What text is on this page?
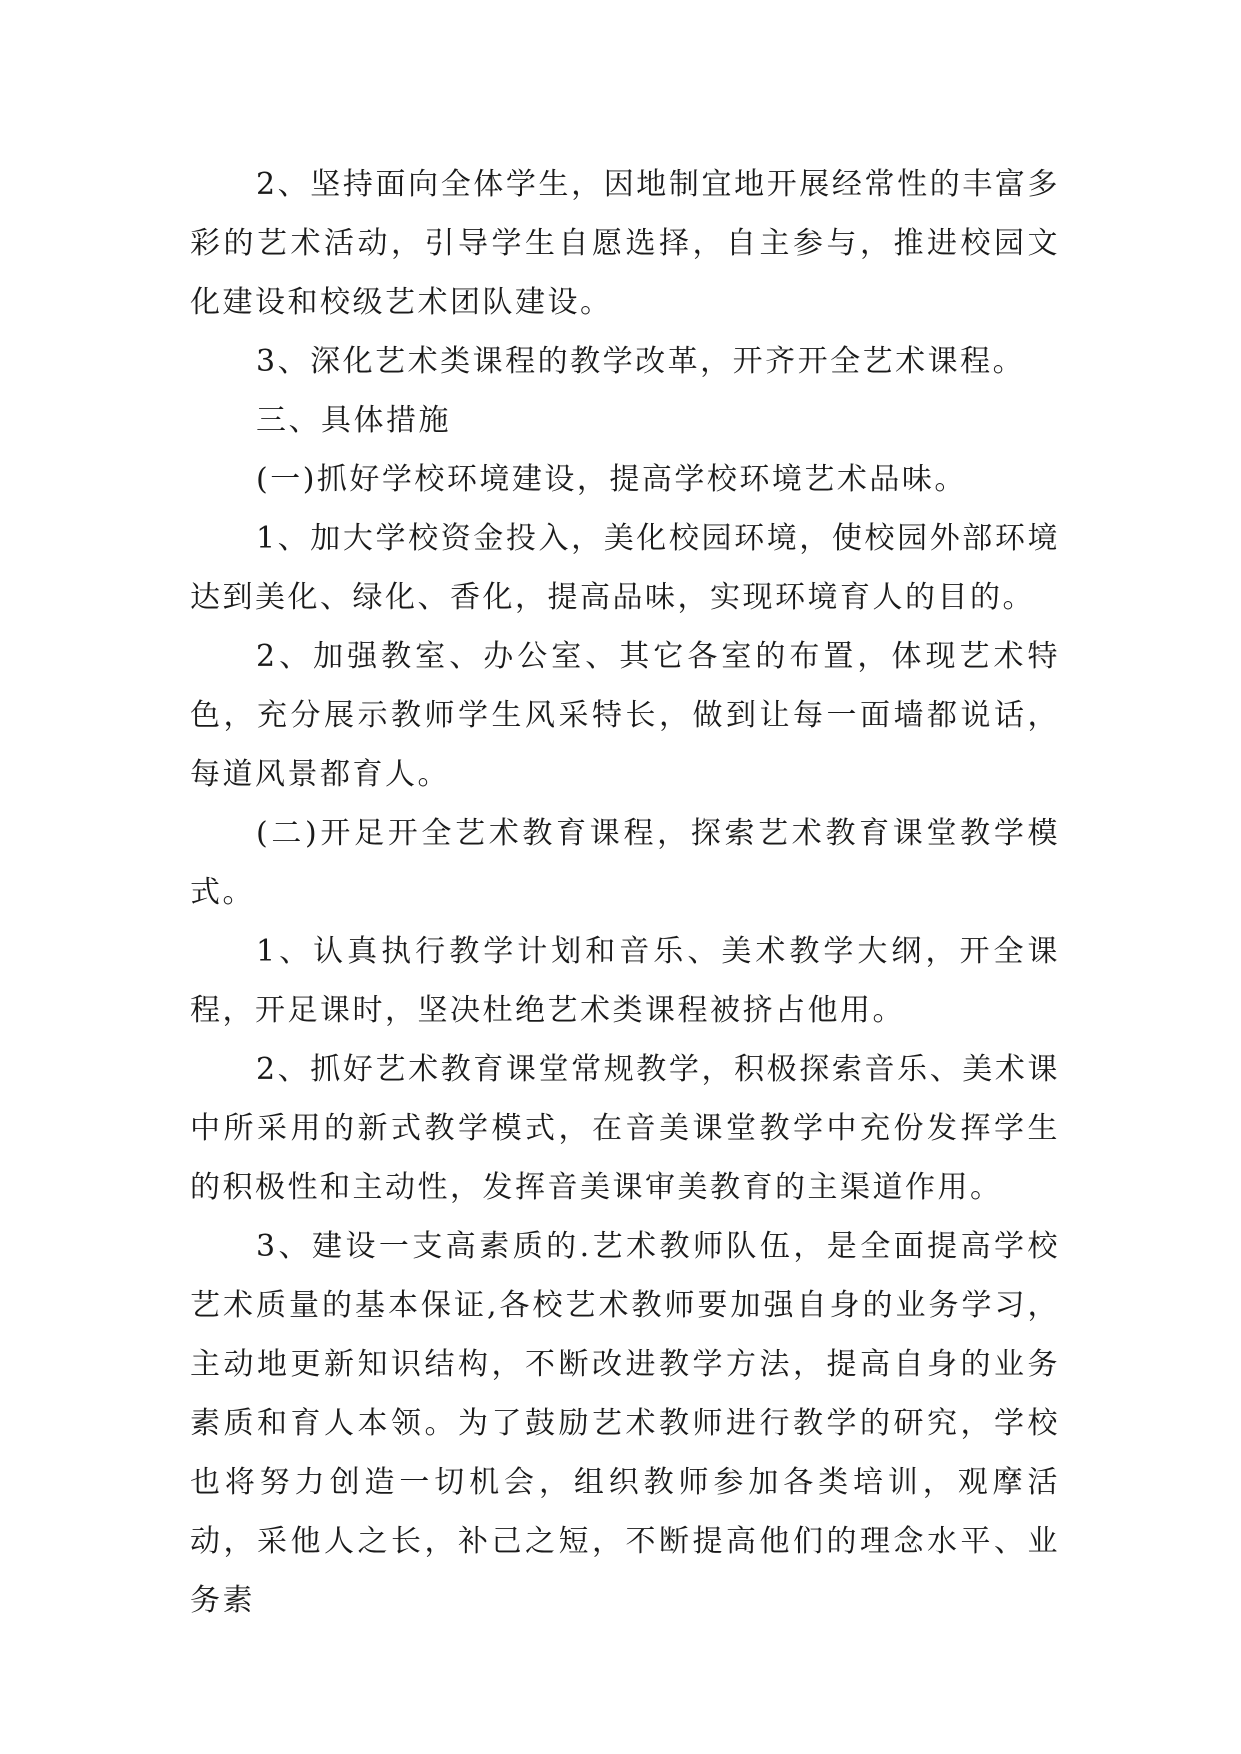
2、坚持面向全体学生，因地制宜地开展经常性的丰富多彩的艺术活动，引导学生自愿选择，自主参与，推进校园文化建设和校级艺术团队建设。

3、深化艺术类课程的教学改革，开齐开全艺术课程。

三、具体措施

(一)抓好学校环境建设，提高学校环境艺术品味。

1、加大学校资金投入，美化校园环境，使校园外部环境达到美化、绿化、香化，提高品味，实现环境育人的目的。

2、加强教室、办公室、其它各室的布置，体现艺术特色，充分展示教师学生风采特长，做到让每一面墙都说话，每道风景都育人。

(二)开足开全艺术教育课程，探索艺术教育课堂教学模式。

1、认真执行教学计划和音乐、美术教学大纲，开全课程，开足课时，坚决杜绝艺术类课程被挤占他用。

2、抓好艺术教育课堂常规教学，积极探索音乐、美术课中所采用的新式教学模式，在音美课堂教学中充份发挥学生的积极性和主动性，发挥音美课审美教育的主渠道作用。

3、建设一支高素质的.艺术教师队伍，是全面提高学校艺术质量的基本保证,各校艺术教师要加强自身的业务学习，主动地更新知识结构，不断改进教学方法，提高自身的业务素质和育人本领。为了鼓励艺术教师进行教学的研究，学校也将努力创造一切机会，组织教师参加各类培训，观摩活动，采他人之长，补己之短，不断提高他们的理念水平、业务素
